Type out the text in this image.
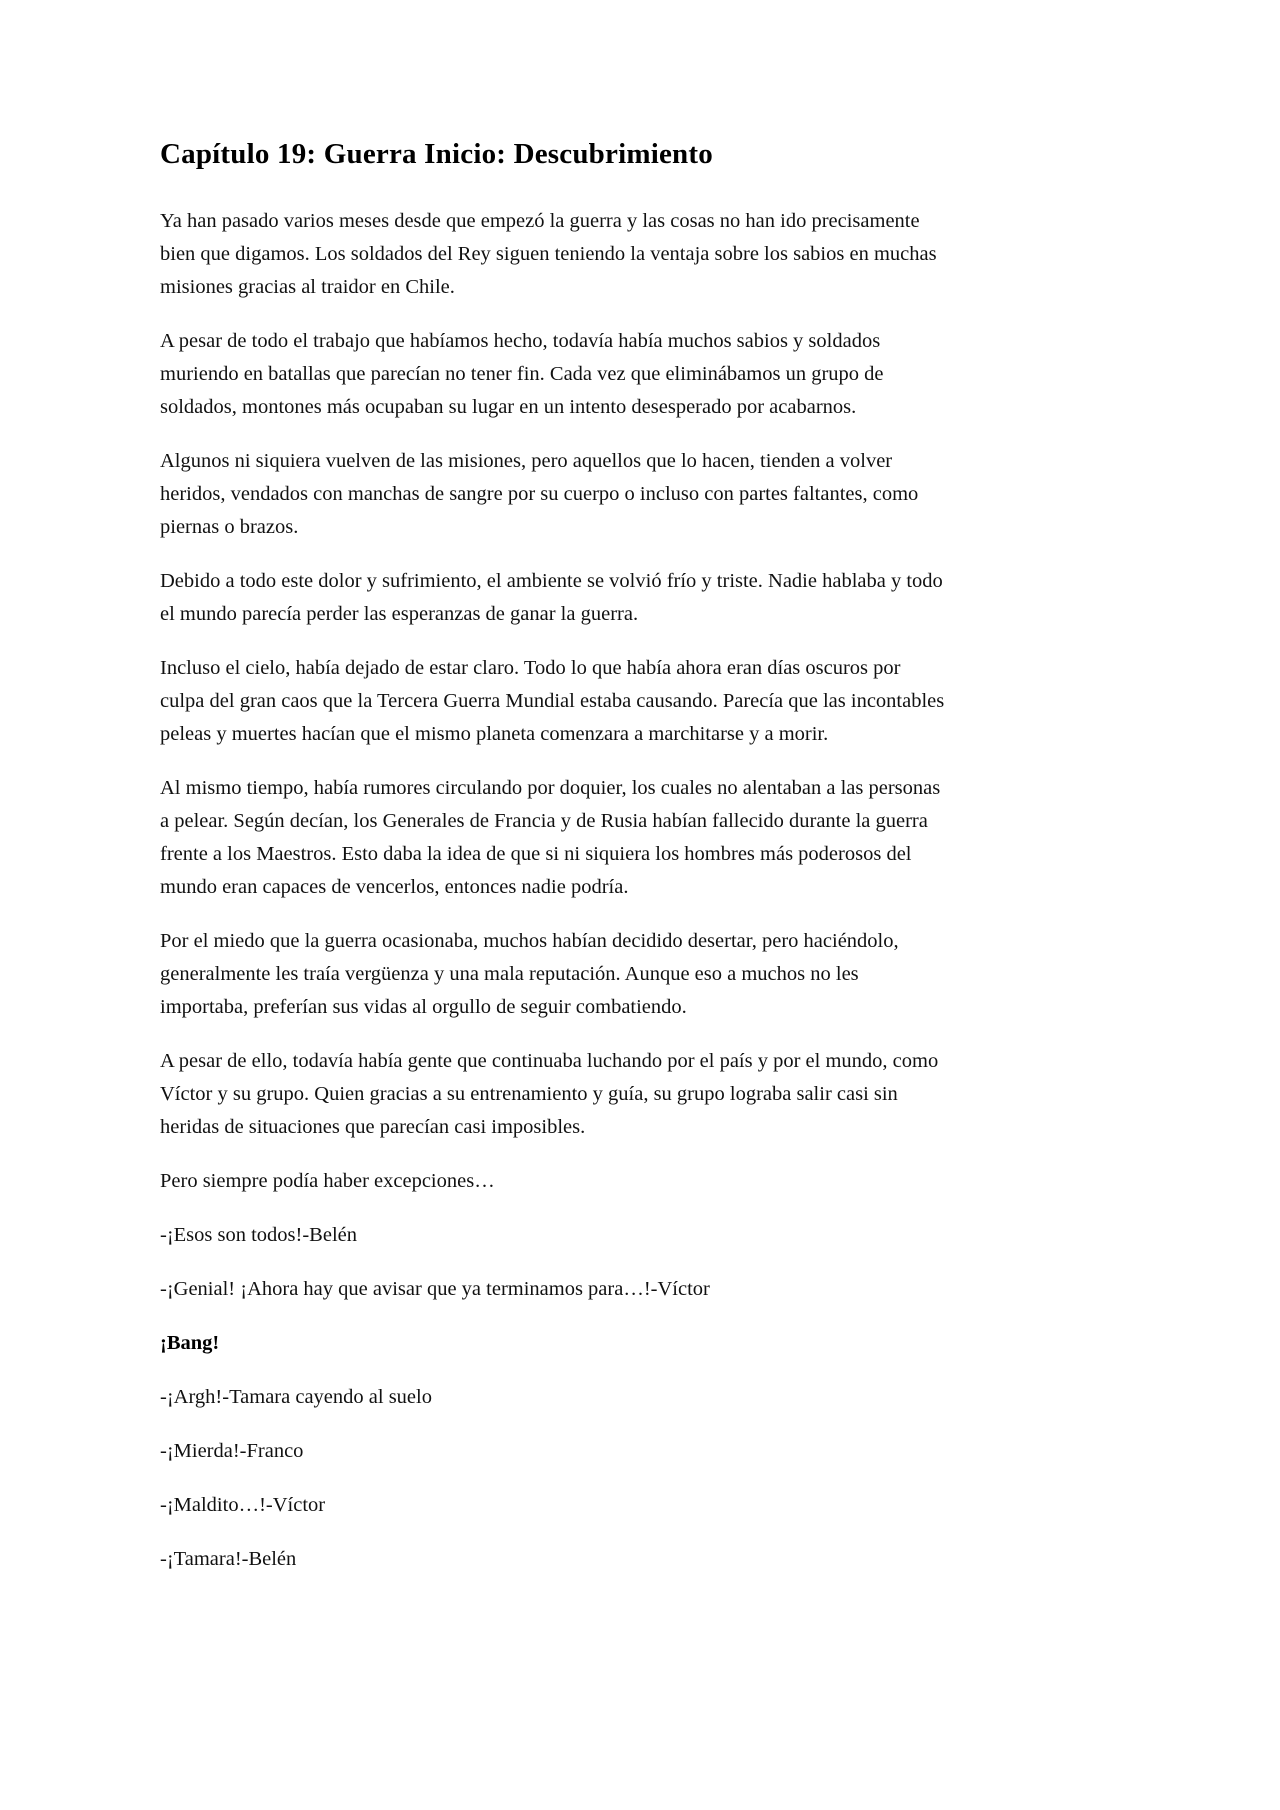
Capítulo 19: Guerra Inicio: Descubrimiento

Ya han pasado varios meses desde que empezó la guerra y las cosas no han ido precisamente bien que digamos. Los soldados del Rey siguen teniendo la ventaja sobre los sabios en muchas misiones gracias al traidor en Chile.

A pesar de todo el trabajo que habíamos hecho, todavía había muchos sabios y soldados muriendo en batallas que parecían no tener fin. Cada vez que eliminábamos un grupo de soldados, montones más ocupaban su lugar en un intento desesperado por acabarnos.

Algunos ni siquiera vuelven de las misiones, pero aquellos que lo hacen, tienden a volver heridos, vendados con manchas de sangre por su cuerpo o incluso con partes faltantes, como piernas o brazos.

Debido a todo este dolor y sufrimiento, el ambiente se volvió frío y triste. Nadie hablaba y todo el mundo parecía perder las esperanzas de ganar la guerra.

Incluso el cielo, había dejado de estar claro. Todo lo que había ahora eran días oscuros por culpa del gran caos que la Tercera Guerra Mundial estaba causando. Parecía que las incontables peleas y muertes hacían que el mismo planeta comenzara a marchitarse y a morir.

Al mismo tiempo, había rumores circulando por doquier, los cuales no alentaban a las personas a pelear. Según decían, los Generales de Francia y de Rusia habían fallecido durante la guerra frente a los Maestros. Esto daba la idea de que si ni siquiera los hombres más poderosos del mundo eran capaces de vencerlos, entonces nadie podría.

Por el miedo que la guerra ocasionaba, muchos habían decidido desertar, pero haciéndolo, generalmente les traía vergüenza y una mala reputación. Aunque eso a muchos no les importaba, preferían sus vidas al orgullo de seguir combatiendo.

A pesar de ello, todavía había gente que continuaba luchando por el país y por el mundo, como Víctor y su grupo. Quien gracias a su entrenamiento y guía, su grupo lograba salir casi sin heridas de situaciones que parecían casi imposibles.

Pero siempre podía haber excepciones…

-¡Esos son todos!-Belén

-¡Genial! ¡Ahora hay que avisar que ya terminamos para…!-Víctor

¡Bang!

-¡Argh!-Tamara cayendo al suelo

-¡Mierda!-Franco

-¡Maldito…!-Víctor

-¡Tamara!-Belén
